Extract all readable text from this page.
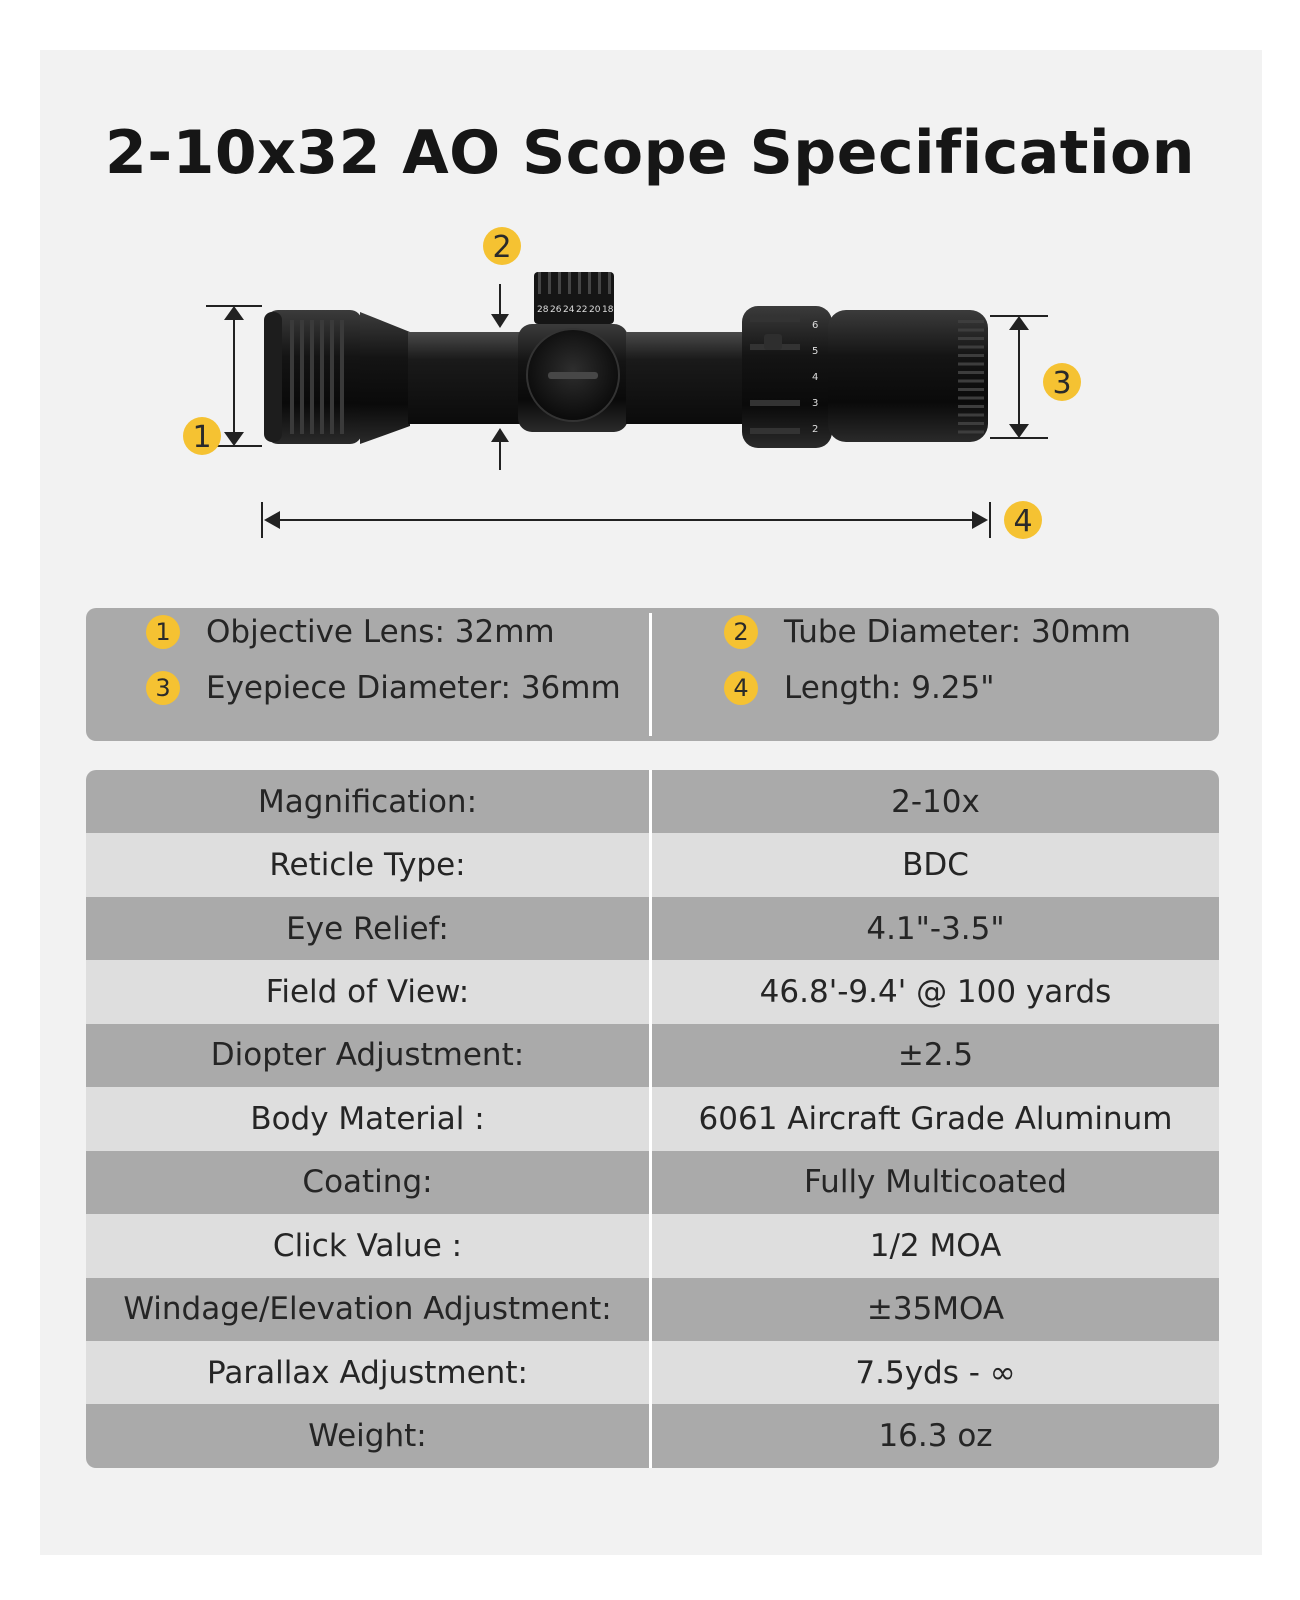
2-10x32 AO Scope Specification
28 26 24 22 20 18
6
5
4
3
2
1
2
3
4
1	Objective Lens: 32mm	2	Tube Diameter: 30mm
3	Eyepiece Diameter: 36mm	4	Length: 9.25"
Magnification:	2-10x
Reticle Type:	BDC
Eye Relief:	4.1"-3.5"
Field of View:	46.8'-9.4' @ 100 yards
Diopter Adjustment:	±2.5
Body Material :	6061 Aircraft Grade Aluminum
Coating:	Fully Multicoated
Click Value :	1/2 MOA
Windage/Elevation Adjustment:	±35MOA
Parallax Adjustment:	7.5yds - ∞
Weight:	16.3 oz
